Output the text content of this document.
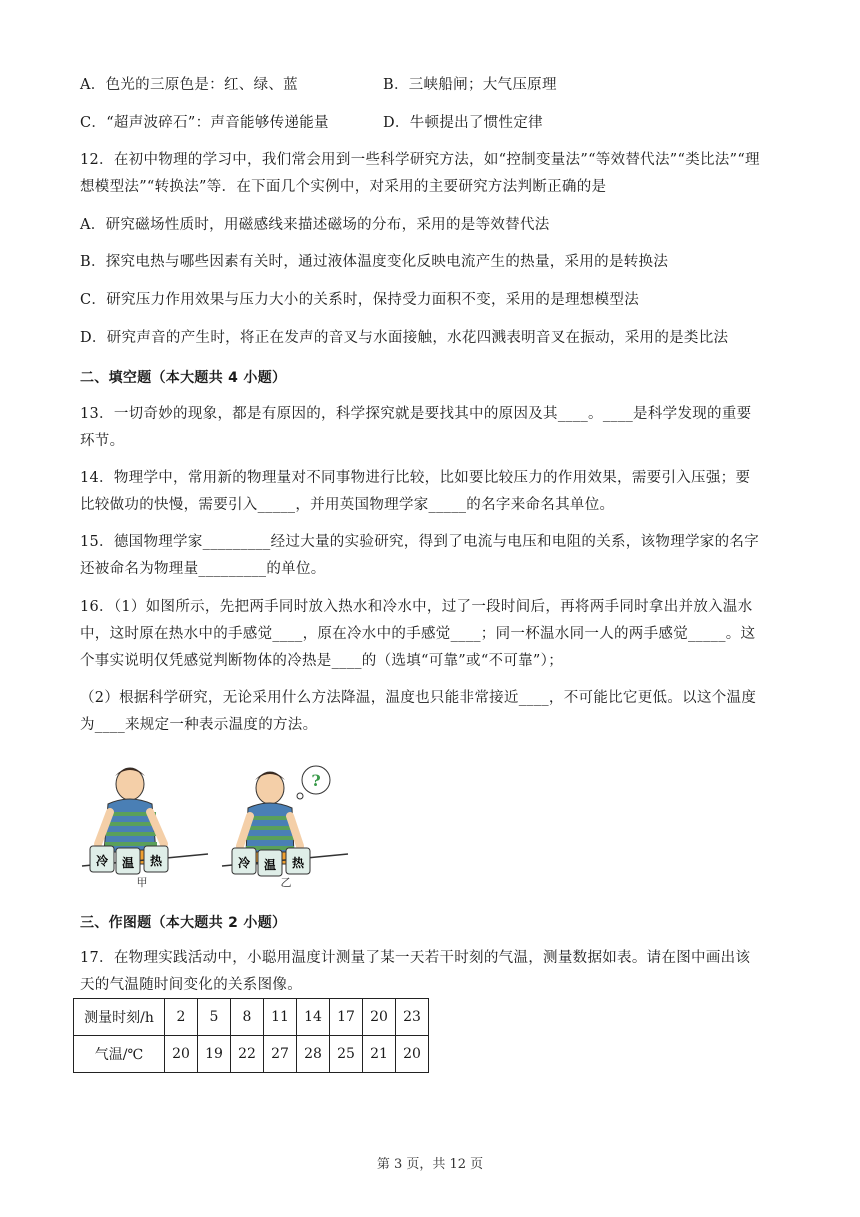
A．色光的三原色是：红、绿、蓝	B．三峡船闸；大气压原理
C．“超声波碎石”：声音能够传递能量	D．牛顿提出了惯性定律
12．在初中物理的学习中，我们常会用到一些科学研究方法，如“控制变量法”“等效替代法”“类比法”“理
想模型法”“转换法”等．在下面几个实例中，对采用的主要研究方法判断正确的是
A．研究磁场性质时，用磁感线来描述磁场的分布，采用的是等效替代法
B．探究电热与哪些因素有关时，通过液体温度变化反映电流产生的热量，采用的是转换法
C．研究压力作用效果与压力大小的关系时，保持受力面积不变，采用的是理想模型法
D．研究声音的产生时，将正在发声的音叉与水面接触，水花四溅表明音叉在振动，采用的是类比法
二、填空题（本大题共 4 小题）
13．一切奇妙的现象，都是有原因的，科学探究就是要找其中的原因及其____。____是科学发现的重要
环节。
14．物理学中，常用新的物理量对不同事物进行比较，比如要比较压力的作用效果，需要引入压强；要
比较做功的快慢，需要引入_____，并用英国物理学家_____的名字来命名其单位。
15．德国物理学家_________经过大量的实验研究，得到了电流与电压和电阻的关系，该物理学家的名字
还被命名为物理量_________的单位。
16．（1）如图所示，先把两手同时放入热水和冷水中，过了一段时间后，再将两手同时拿出并放入温水
中，这时原在热水中的手感觉____，原在冷水中的手感觉____；同一杯温水同一人的两手感觉_____。这
个事实说明仅凭感觉判断物体的冷热是____的（选填“可靠”或“不可靠”）；
（2）根据科学研究，无论采用什么方法降温，温度也只能非常接近____，不可能比它更低。以这个温度
为____来规定一种表示温度的方法。
冷 温 热
甲
?
冷 温 热
乙
三、作图题（本大题共 2 小题）
17．在物理实践活动中，小聪用温度计测量了某一天若干时刻的气温，测量数据如表。请在图中画出该
天的气温随时间变化的关系图像。
测量时刻/h	2	5	8	11	14	17	20	23
气温/℃	20	19	22	27	28	25	21	20
第 3 页，共 12 页
